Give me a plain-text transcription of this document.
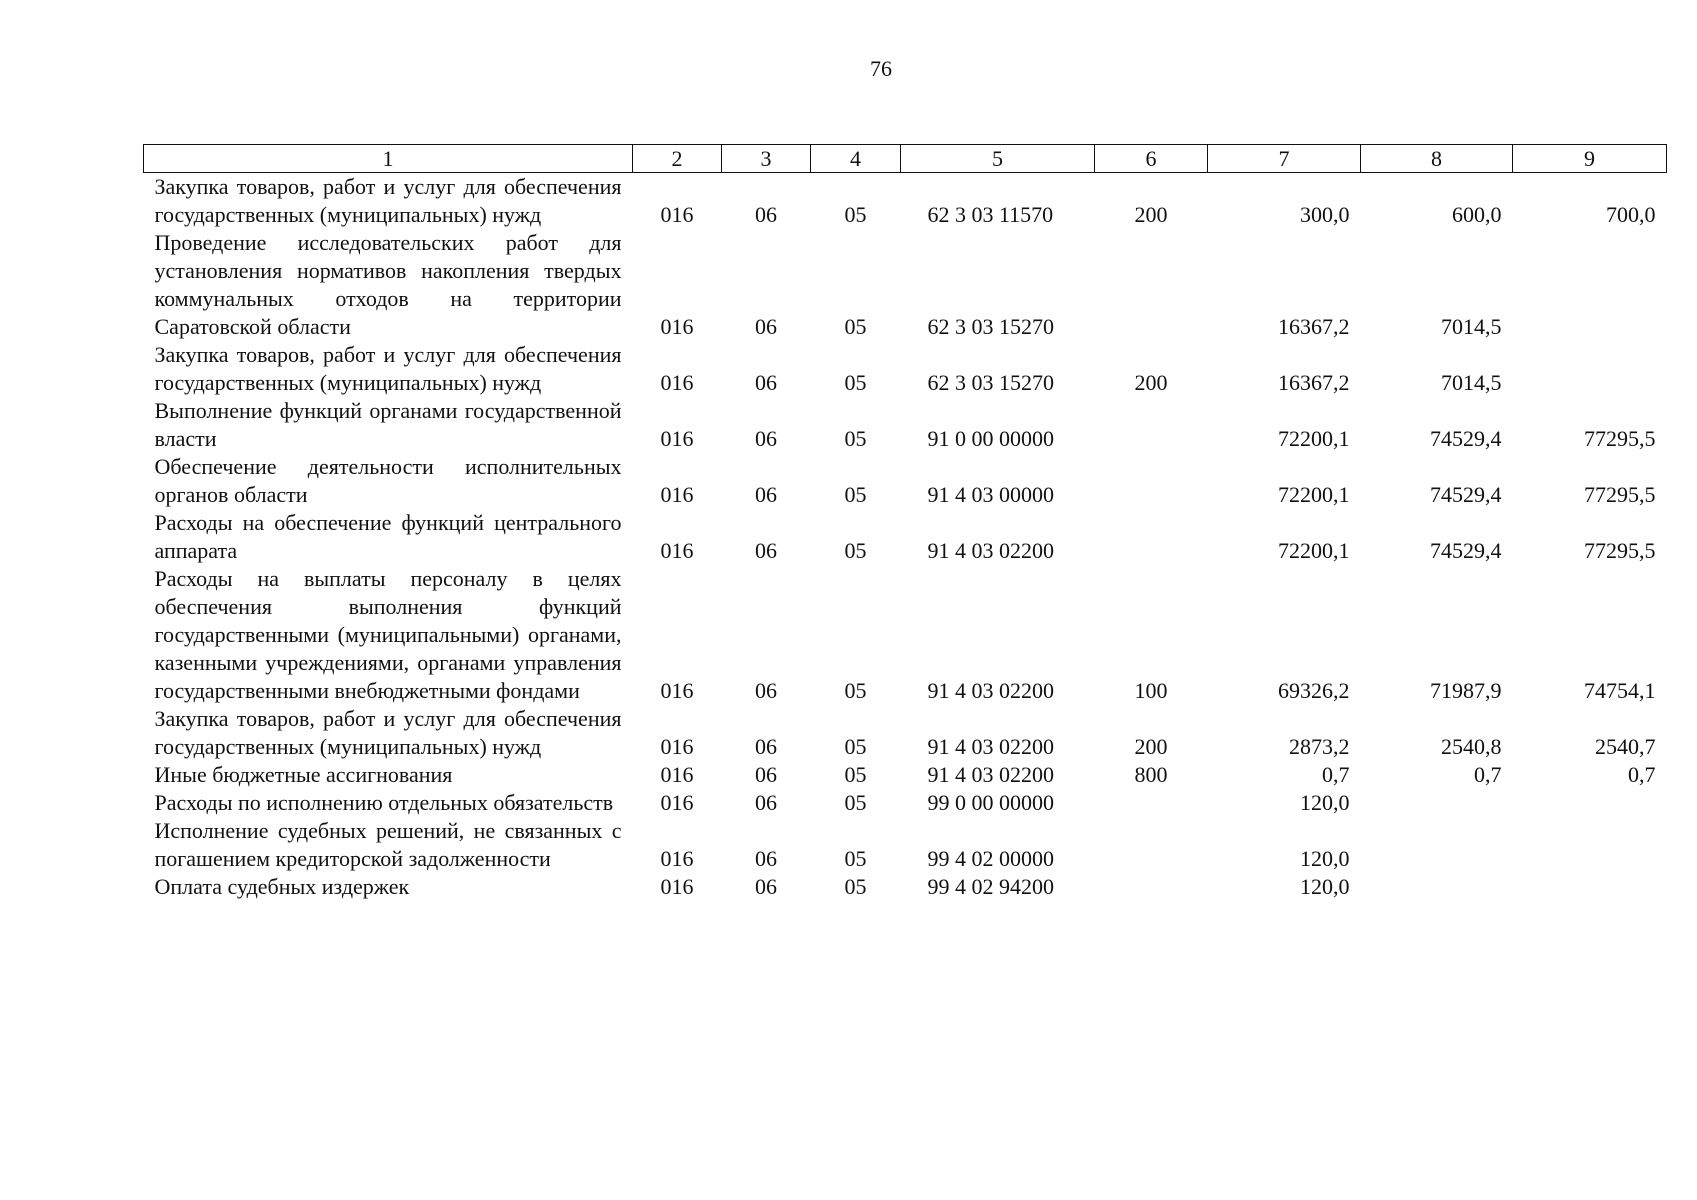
76
1	2	3	4	5	6	7	8	9
Закупка товаров, работ и услуг для обеспечения государственных (муниципальных) нужд	016	06	05	62 3 03 11570	200	300,0	600,0	700,0
Проведение исследовательских работ для установления нормативов накопления твердых коммунальных отходов на территории Саратовской области	016	06	05	62 3 03 15270		16367,2	7014,5	
Закупка товаров, работ и услуг для обеспечения государственных (муниципальных) нужд	016	06	05	62 3 03 15270	200	16367,2	7014,5	
Выполнение функций органами государственной власти	016	06	05	91 0 00 00000		72200,1	74529,4	77295,5
Обеспечение деятельности исполнительных органов области	016	06	05	91 4 03 00000		72200,1	74529,4	77295,5
Расходы на обеспечение функций центрального аппарата	016	06	05	91 4 03 02200		72200,1	74529,4	77295,5
Расходы на выплаты персоналу в целях обеспечения выполнения функций государственными (муниципальными) органами, казенными учреждениями, органами управления государственными внебюджетными фондами	016	06	05	91 4 03 02200	100	69326,2	71987,9	74754,1
Закупка товаров, работ и услуг для обеспечения государственных (муниципальных) нужд	016	06	05	91 4 03 02200	200	2873,2	2540,8	2540,7
Иные бюджетные ассигнования	016	06	05	91 4 03 02200	800	0,7	0,7	0,7
Расходы по исполнению отдельных обязательств	016	06	05	99 0 00 00000		120,0		
Исполнение судебных решений, не связанных с погашением кредиторской задолженности	016	06	05	99 4 02 00000		120,0		
Оплата судебных издержек	016	06	05	99 4 02 94200		120,0		
